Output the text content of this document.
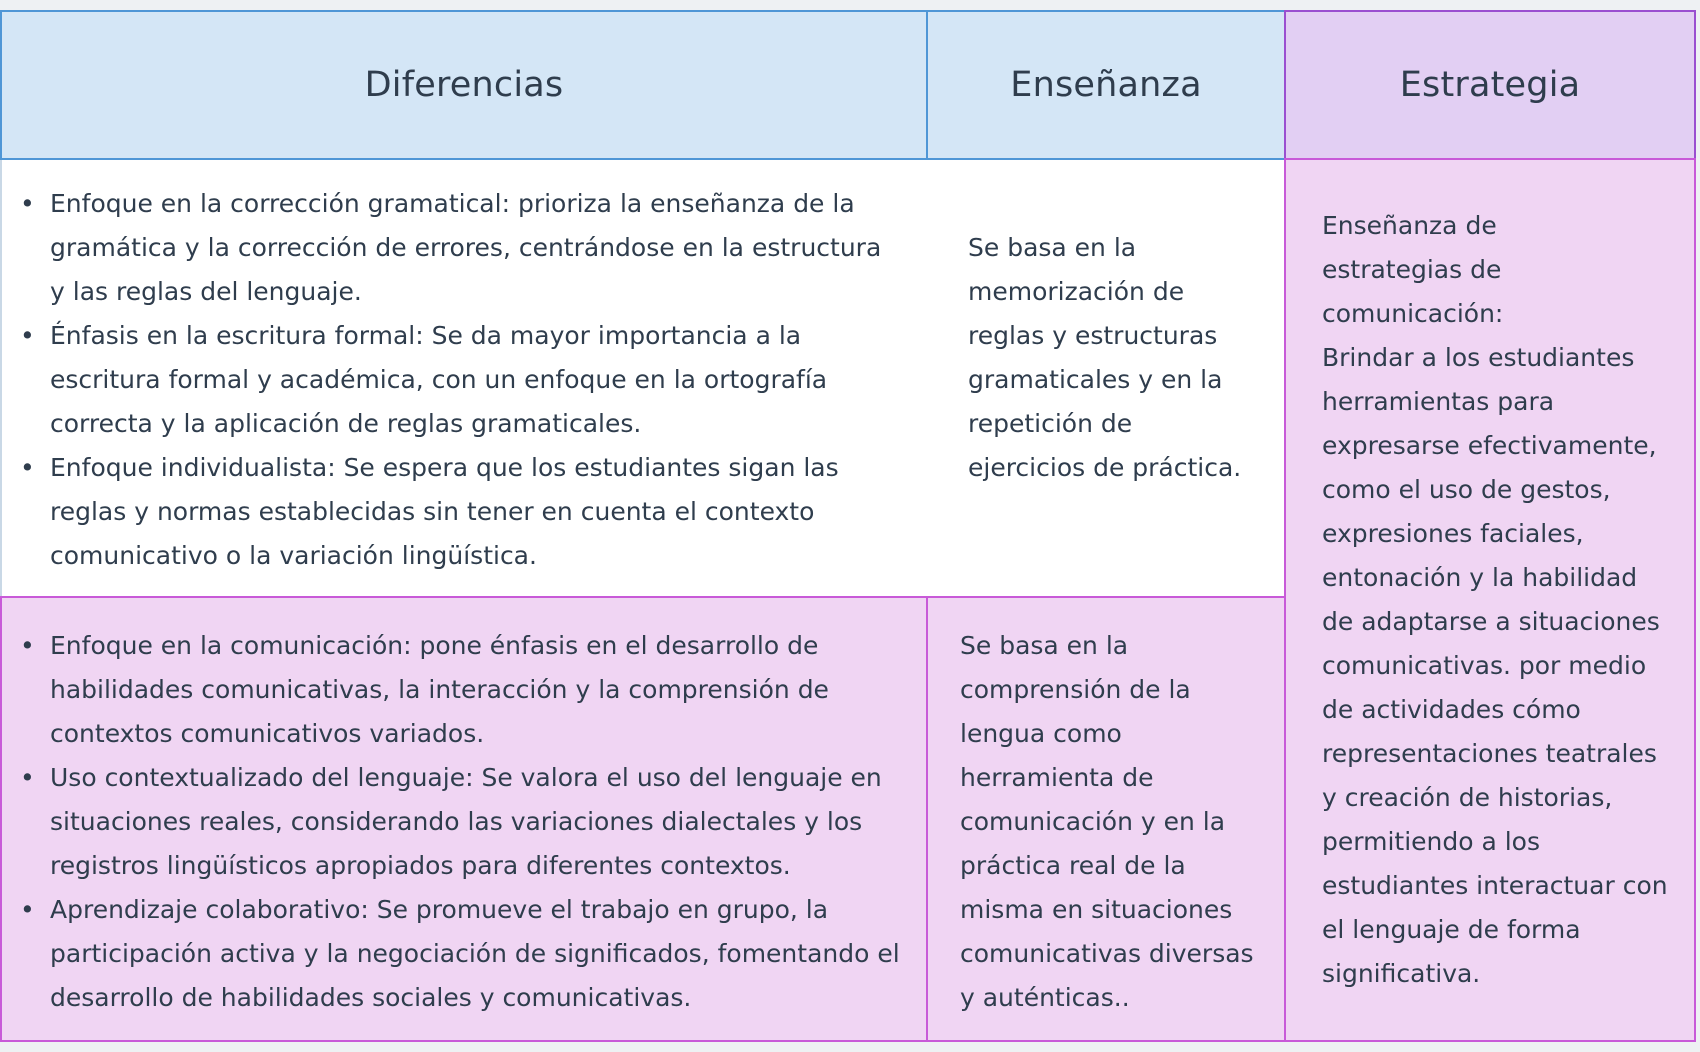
Diferencias	Enseñanza	Estrategia
• Enfoque en la corrección gramatical: prioriza la enseñanza de la gramática y la corrección de errores, centrándose en la estructura y las reglas del lenguaje.
• Énfasis en la escritura formal: Se da mayor importancia a la escritura formal y académica, con un enfoque en la ortografía correcta y la aplicación de reglas gramaticales.
• Enfoque individualista: Se espera que los estudiantes sigan las reglas y normas establecidas sin tener en cuenta el contexto comunicativo o la variación lingüística.
Se basa en la memorización de reglas y estructuras gramaticales y en la repetición de ejercicios de práctica.
• Enfoque en la comunicación: pone énfasis en el desarrollo de habilidades comunicativas, la interacción y la comprensión de contextos comunicativos variados.
• Uso contextualizado del lenguaje: Se valora el uso del lenguaje en situaciones reales, considerando las variaciones dialectales y los registros lingüísticos apropiados para diferentes contextos.
• Aprendizaje colaborativo: Se promueve el trabajo en grupo, la participación activa y la negociación de significados, fomentando el desarrollo de habilidades sociales y comunicativas.
Se basa en la comprensión de la lengua como herramienta de comunicación y en la práctica real de la misma en situaciones comunicativas diversas y auténticas..
Enseñanza de estrategias de comunicación:
Brindar a los estudiantes herramientas para expresarse efectivamente, como el uso de gestos, expresiones faciales, entonación y la habilidad de adaptarse a situaciones comunicativas. por medio de actividades cómo representaciones teatrales y creación de historias, permitiendo a los estudiantes interactuar con el lenguaje de forma significativa.
